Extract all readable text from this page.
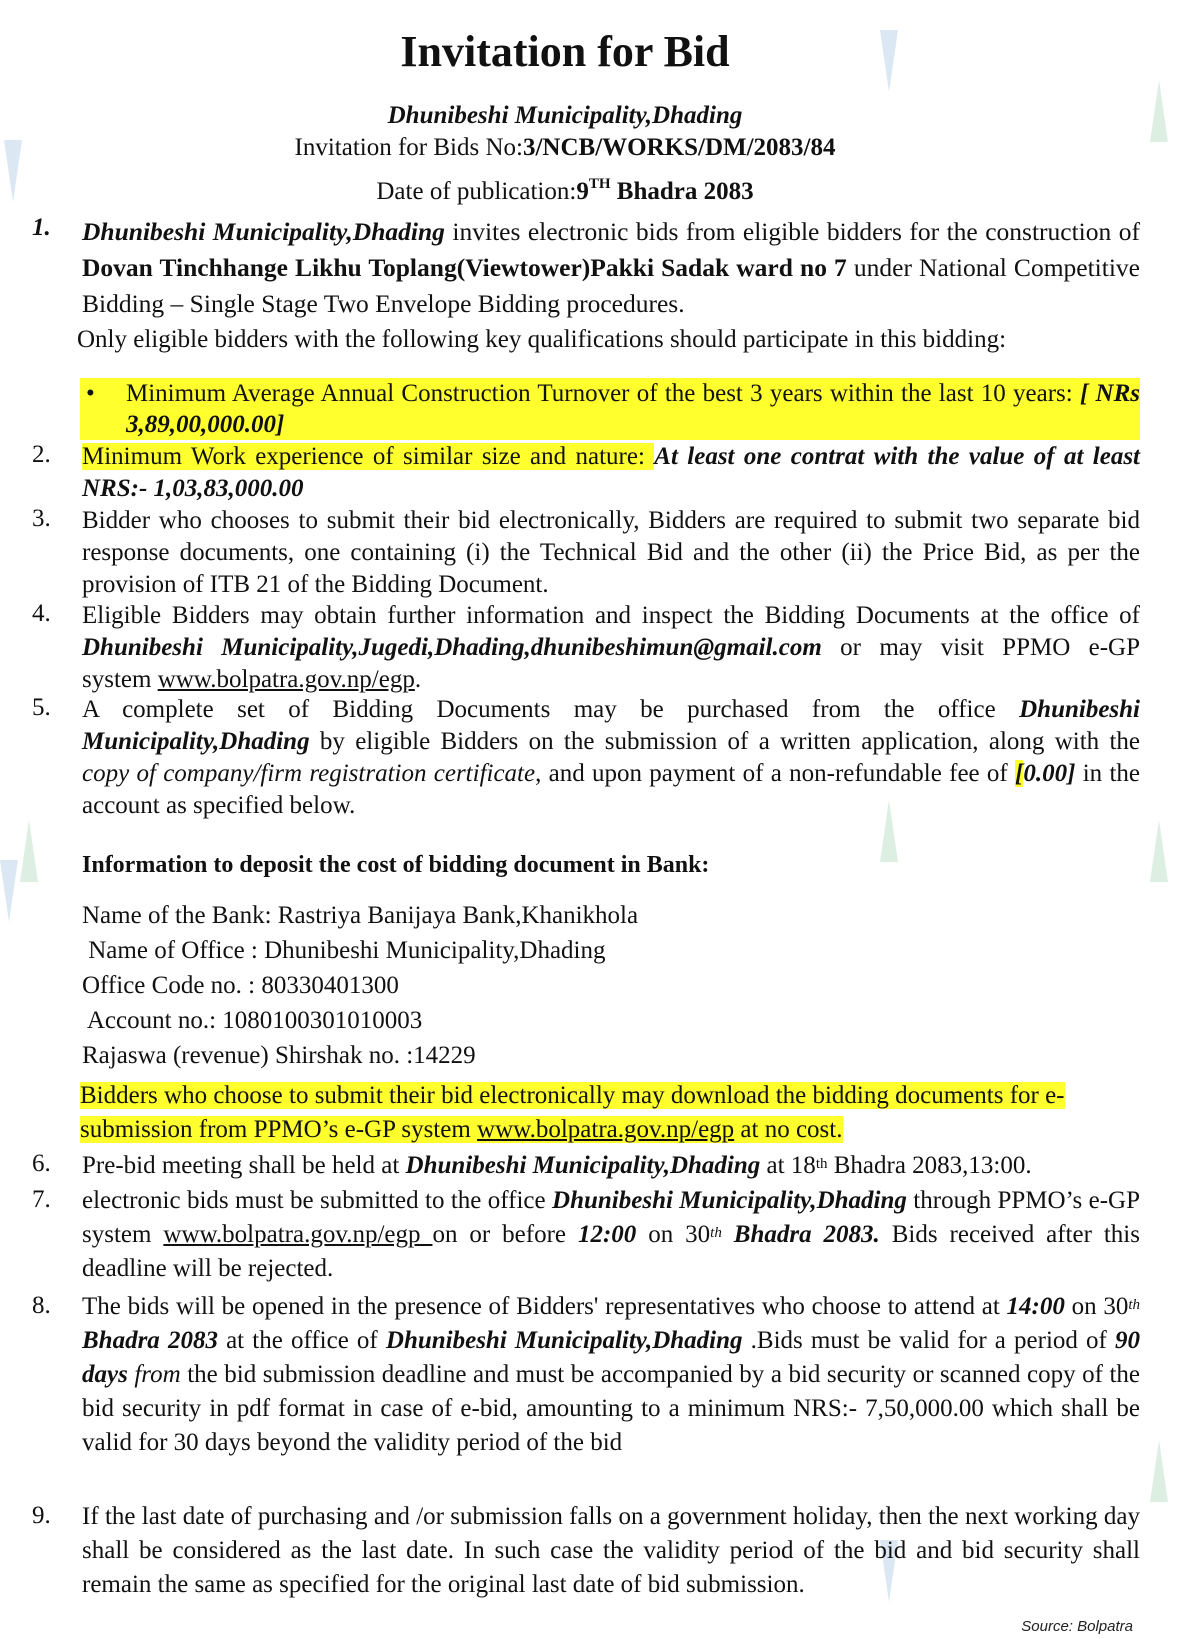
Invitation for Bid
Dhunibeshi Municipality,Dhading
Invitation for Bids No:3/NCB/WORKS/DM/2083/84
Date of publication:9TH Bhadra 2083
1. Dhunibeshi Municipality,Dhading invites electronic bids from eligible bidders for the construction of Dovan Tinchhange Likhu Toplang(Viewtower)Pakki Sadak ward no 7 under National Competitive Bidding – Single Stage Two Envelope Bidding procedures.
Only eligible bidders with the following key qualifications should participate in this bidding:
• Minimum Average Annual Construction Turnover of the best 3 years within the last 10 years: [ NRs 3,89,00,000.00]
2. Minimum Work experience of similar size and nature: At least one contrat with the value of at least NRS:- 1,03,83,000.00
3. Bidder who chooses to submit their bid electronically, Bidders are required to submit two separate bid response documents, one containing (i) the Technical Bid and the other (ii) the Price Bid, as per the provision of ITB 21 of the Bidding Document.
4. Eligible Bidders may obtain further information and inspect the Bidding Documents at the office of Dhunibeshi Municipality,Jugedi,Dhading,dhunibeshimun@gmail.com or may visit PPMO e-GP system www.bolpatra.gov.np/egp.
5. A complete set of Bidding Documents may be purchased from the office Dhunibeshi Municipality,Dhading by eligible Bidders on the submission of a written application, along with the copy of company/firm registration certificate, and upon payment of a non-refundable fee of [0.00] in the account as specified below.
Information to deposit the cost of bidding document in Bank:
Name of the Bank: Rastriya Banijaya Bank,Khanikhola
Name of Office : Dhunibeshi Municipality,Dhading
Office Code no. : 80330401300
Account no.: 1080100301010003
Rajaswa (revenue) Shirshak no. :14229
Bidders who choose to submit their bid electronically may download the bidding documents for e-submission from PPMO’s e-GP system www.bolpatra.gov.np/egp at no cost.
6. Pre-bid meeting shall be held at Dhunibeshi Municipality,Dhading at 18th Bhadra 2083,13:00.
7. electronic bids must be submitted to the office Dhunibeshi Municipality,Dhading through PPMO’s e-GP system www.bolpatra.gov.np/egp on or before 12:00 on 30th Bhadra 2083. Bids received after this deadline will be rejected.
8. The bids will be opened in the presence of Bidders' representatives who choose to attend at 14:00 on 30th Bhadra 2083 at the office of Dhunibeshi Municipality,Dhading .Bids must be valid for a period of 90 days from the bid submission deadline and must be accompanied by a bid security or scanned copy of the bid security in pdf format in case of e-bid, amounting to a minimum NRS:- 7,50,000.00 which shall be valid for 30 days beyond the validity period of the bid
9. If the last date of purchasing and /or submission falls on a government holiday, then the next working day shall be considered as the last date. In such case the validity period of the bid and bid security shall remain the same as specified for the original last date of bid submission.
Source: Bolpatra
